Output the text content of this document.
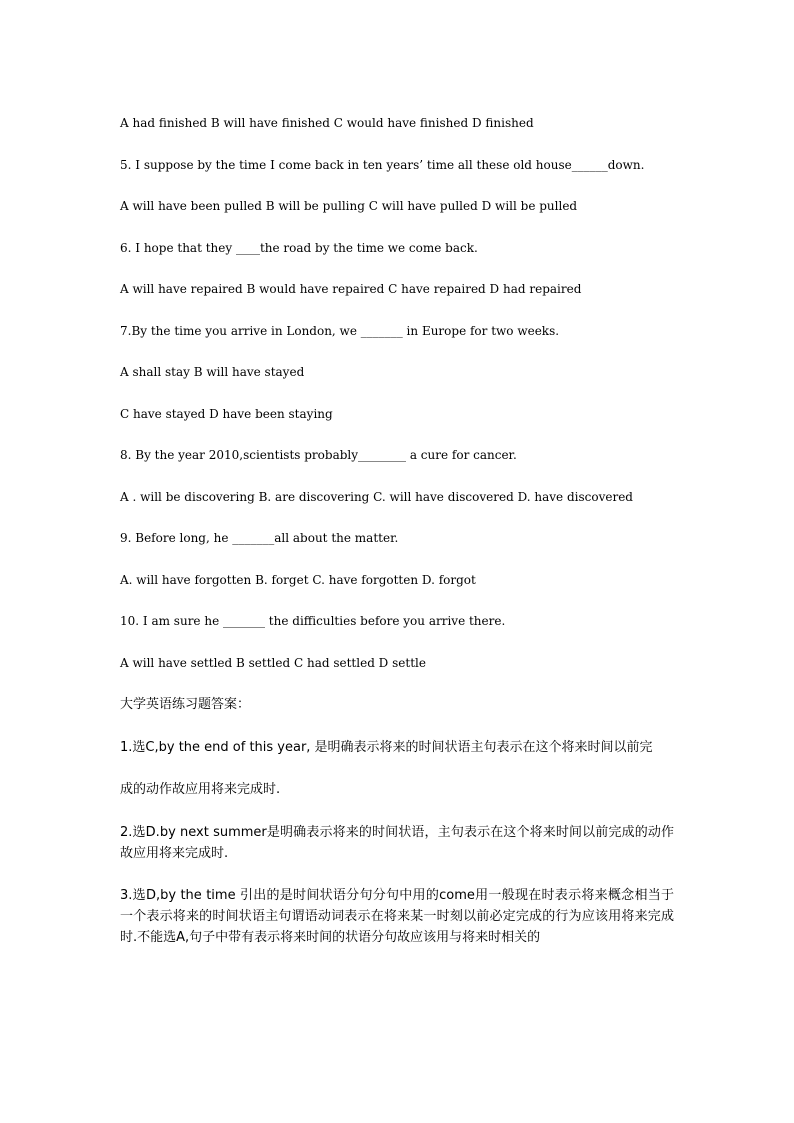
A had finished B will have finished C would have finished D finished

5. I suppose by the time I come back in ten years’ time all these old house______down.

A will have been pulled B will be pulling C will have pulled D will be pulled

6. I hope that they ____the road by the time we come back.

A will have repaired B would have repaired C have repaired D had repaired

7.By the time you arrive in London, we _______ in Europe for two weeks.

A shall stay B will have stayed

C have stayed D have been staying

8. By the year 2010,scientists probably________ a cure for cancer.

A . will be discovering B. are discovering C. will have discovered D. have discovered

9. Before long, he _______all about the matter.

A. will have forgotten B. forget C. have forgotten D. forgot

10. I am sure he _______ the difficulties before you arrive there.

A will have settled B settled C had settled D settle

大学英语练习题答案：

1.选C,by the end of this year, 是明确表示将来的时间状语主句表示在这个将来时间以前完

成的动作故应用将来完成时.

2.选D.by next summer是明确表示将来的时间状语，主句表示在这个将来时间以前完成的动作故应用将来完成时.

3.选D,by the time 引出的是时间状语分句分句中用的come用一般现在时表示将来概念相当于一个表示将来的时间状语主句谓语动词表示在将来某一时刻以前必定完成的行为应该用将来完成时.不能选A,句子中带有表示将来时间的状语分句故应该用与将来时相关的
